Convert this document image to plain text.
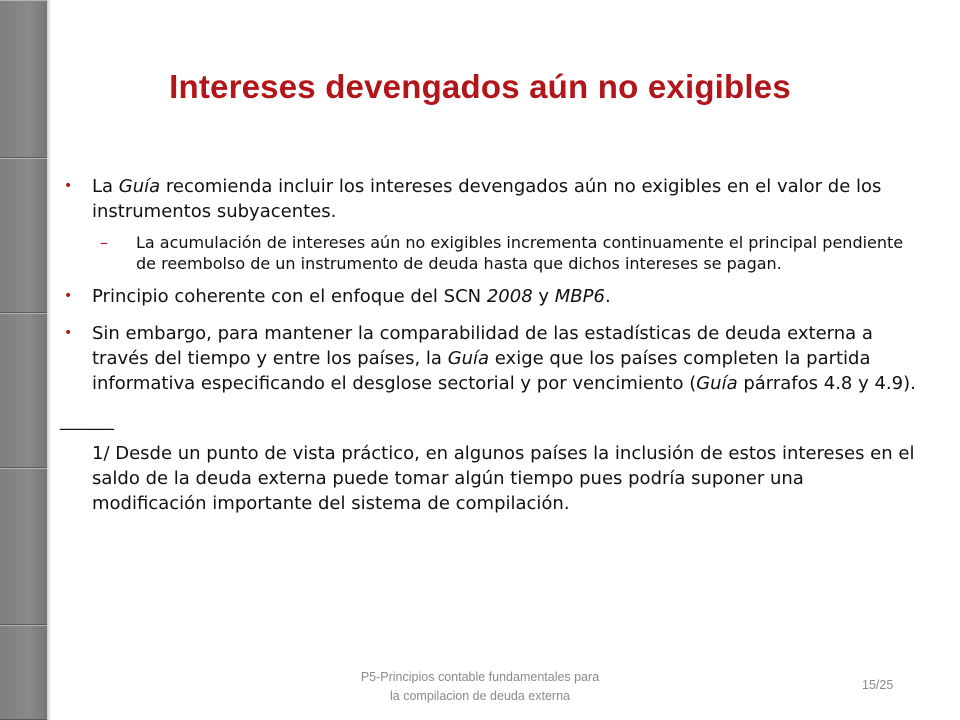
Intereses devengados aún no exigibles
• La Guía recomienda incluir los intereses devengados aún no exigibles en el valor de los instrumentos subyacentes.
– La acumulación de intereses aún no exigibles incrementa continuamente el principal pendiente de reembolso de un instrumento de deuda hasta que dichos intereses se pagan.
• Principio coherente con el enfoque del SCN 2008 y MBP6.
• Sin embargo, para mantener la comparabilidad de las estadísticas de deuda externa a través del tiempo y entre los países, la Guía exige que los países completen la partida informativa especificando el desglose sectorial y por vencimiento (Guía párrafos 4.8 y 4.9).
______
1/ Desde un punto de vista práctico, en algunos países la inclusión de estos intereses en el saldo de la deuda externa puede tomar algún tiempo pues podría suponer una modificación importante del sistema de compilación.
P5-Principios contable fundamentales para
la compilacion de deuda externa
15/25
